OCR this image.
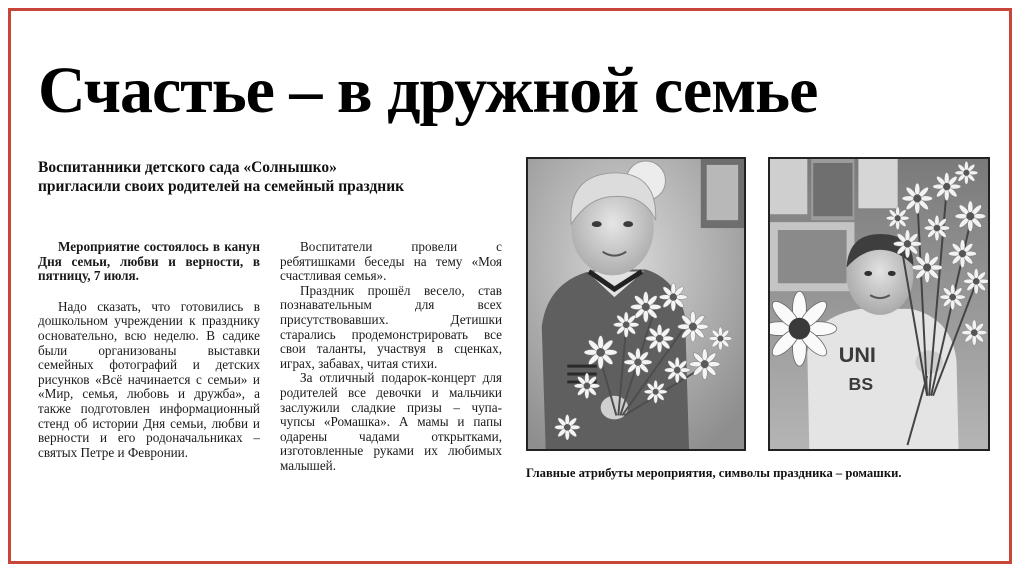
Счастье – в дружной семье
Воспитанники детского сада «Солнышко»
пригласили своих родителей на семейный праздник

Мероприятие состоялось в канун Дня семьи, любви и верности, в пятницу, 7 июля.

Надо сказать, что готовились в дошкольном учреждении к празднику основательно, всю неделю. В садике были организованы выставки семейных фотографий и детских рисунков «Всё начинается с семьи» и «Мир, семья, любовь и дружба», а также подготовлен информационный стенд об истории Дня семьи, любви и верности и его родоначальниках – святых Петре и Февронии.

Воспитатели провели с ребятишками беседы на тему «Моя счастливая семья».

Праздник прошёл весело, став познавательным для всех присутствовавших. Детишки старались продемонстрировать все свои таланты, участвуя в сценках, играх, забавах, читая стихи.

За отличный подарок-концерт для родителей все девочки и мальчики заслужили сладкие призы – чупа-чупсы «Ромашка». А мамы и папы одарены чадами открытками, изготовленные руками их любимых малышей.

UNI
BS

Главные атрибуты мероприятия, символы праздника – ромашки.
